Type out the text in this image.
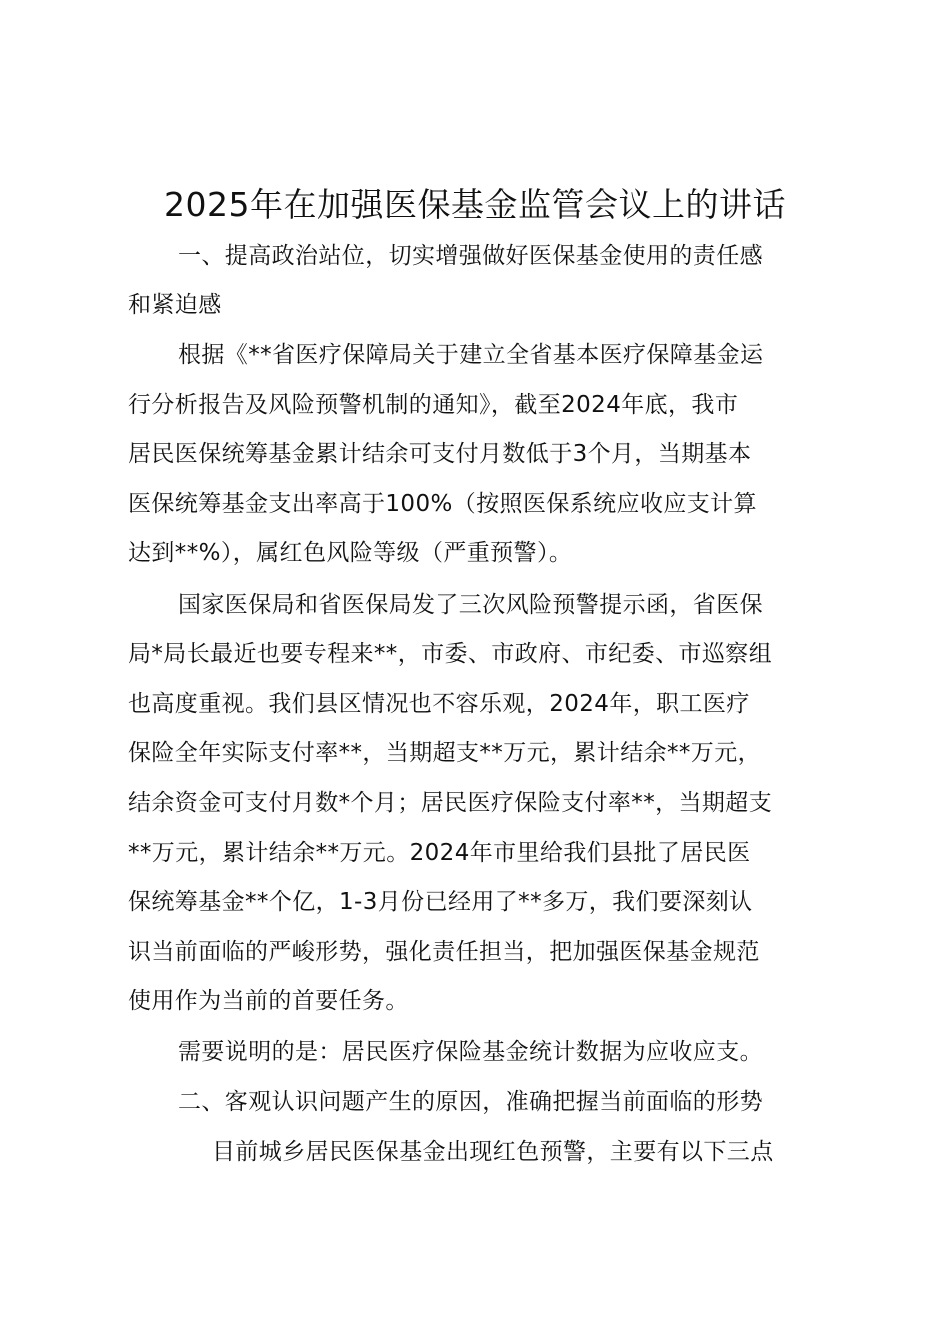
2025年在加强医保基金监管会议上的讲话
一、提高政治站位，切实增强做好医保基金使用的责任感
和紧迫感
根据《**省医疗保障局关于建立全省基本医疗保障基金运
行分析报告及风险预警机制的通知》，截至2024年底，我市
居民医保统筹基金累计结余可支付月数低于3个月，当期基本
医保统筹基金支出率高于100%（按照医保系统应收应支计算
达到**%），属红色风险等级（严重预警）。
国家医保局和省医保局发了三次风险预警提示函，省医保
局*局长最近也要专程来**，市委、市政府、市纪委、市巡察组
也高度重视。我们县区情况也不容乐观，2024年，职工医疗
保险全年实际支付率**，当期超支**万元，累计结余**万元，
结余资金可支付月数*个月；居民医疗保险支付率**，当期超支
**万元，累计结余**万元。2024年市里给我们县批了居民医
保统筹基金**个亿，1-3月份已经用了**多万，我们要深刻认
识当前面临的严峻形势，强化责任担当，把加强医保基金规范
使用作为当前的首要任务。
需要说明的是：居民医疗保险基金统计数据为应收应支。
二、客观认识问题产生的原因，准确把握当前面临的形势
目前城乡居民医保基金出现红色预警，主要有以下三点
